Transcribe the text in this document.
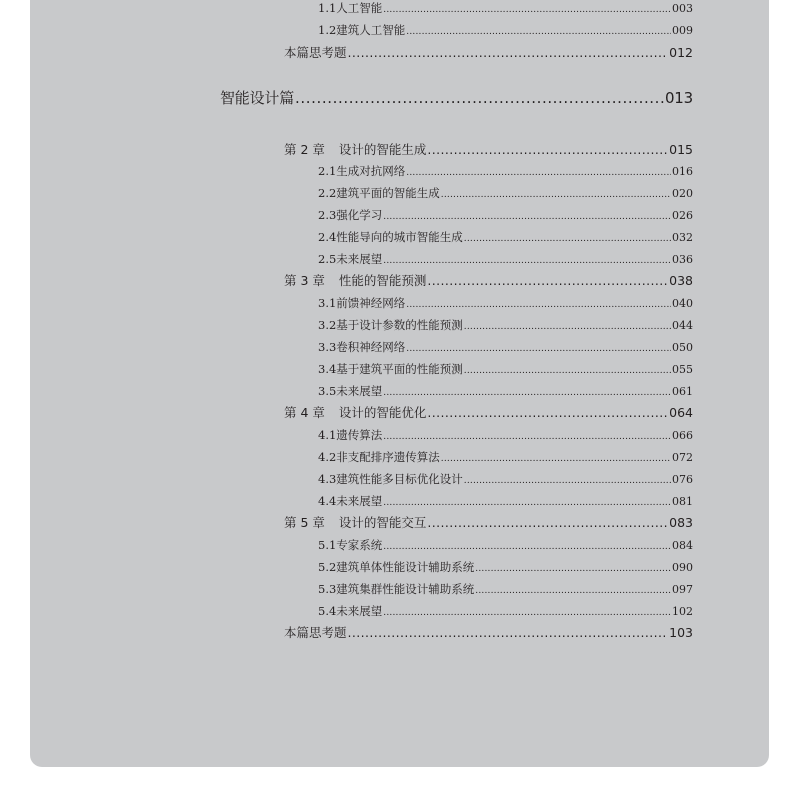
1.1 人工智能 .....	003
1.2 建筑人工智能 .....	009
本篇思考题 .....	012
智能设计篇 .....	013
第 2 章 设计的智能生成 .....	015
2.1 生成对抗网络 .....	016
2.2 建筑平面的智能生成 .....	020
2.3 强化学习 .....	026
2.4 性能导向的城市智能生成 .....	032
2.5 未来展望 .....	036
第 3 章 性能的智能预测 .....	038
3.1 前馈神经网络 .....	040
3.2 基于设计参数的性能预测 .....	044
3.3 卷积神经网络 .....	050
3.4 基于建筑平面的性能预测 .....	055
3.5 未来展望 .....	061
第 4 章 设计的智能优化 .....	064
4.1 遗传算法 .....	066
4.2 非支配排序遗传算法 .....	072
4.3 建筑性能多目标优化设计 .....	076
4.4 未来展望 .....	081
第 5 章 设计的智能交互 .....	083
5.1 专家系统 .....	084
5.2 建筑单体性能设计辅助系统 .....	090
5.3 建筑集群性能设计辅助系统 .....	097
5.4 未来展望 .....	102
本篇思考题 .....	103
